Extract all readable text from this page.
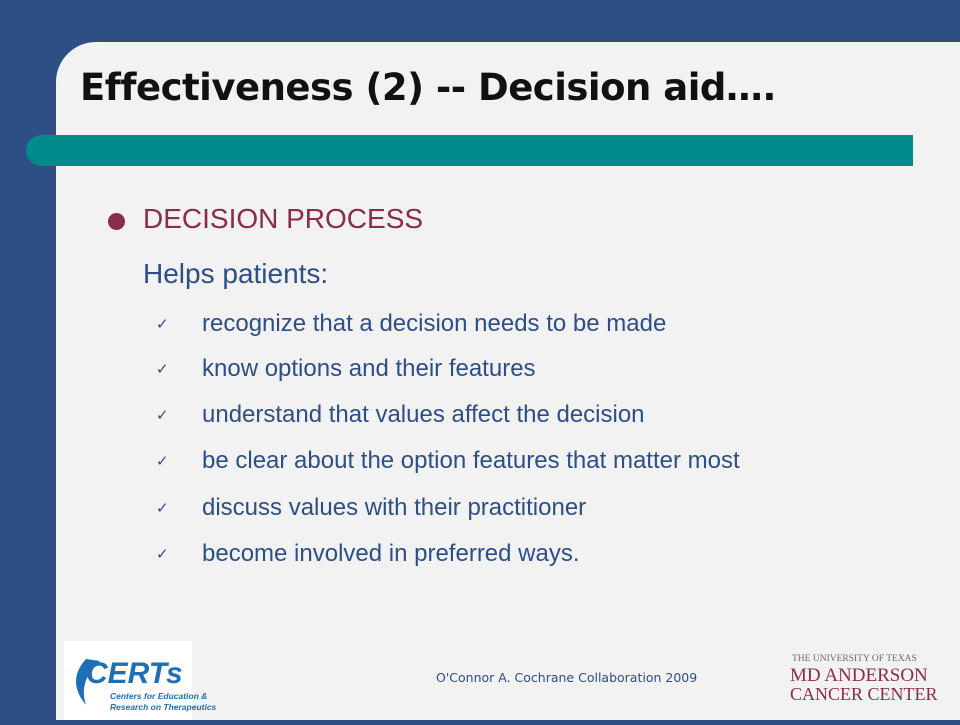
Effectiveness (2) -- Decision aid….
DECISION PROCESS
Helps patients:
✓	recognize that a decision needs to be made
✓	know options and their features
✓	understand that values affect the decision
✓	be clear about the option features that matter most
✓	discuss values with their practitioner
✓	become involved in preferred ways.
CERTs
Centers for Education &
Research on Therapeutics
O'Connor A. Cochrane Collaboration 2009
THE UNIVERSITY OF TEXAS
MD ANDERSON
CANCER CENTER
